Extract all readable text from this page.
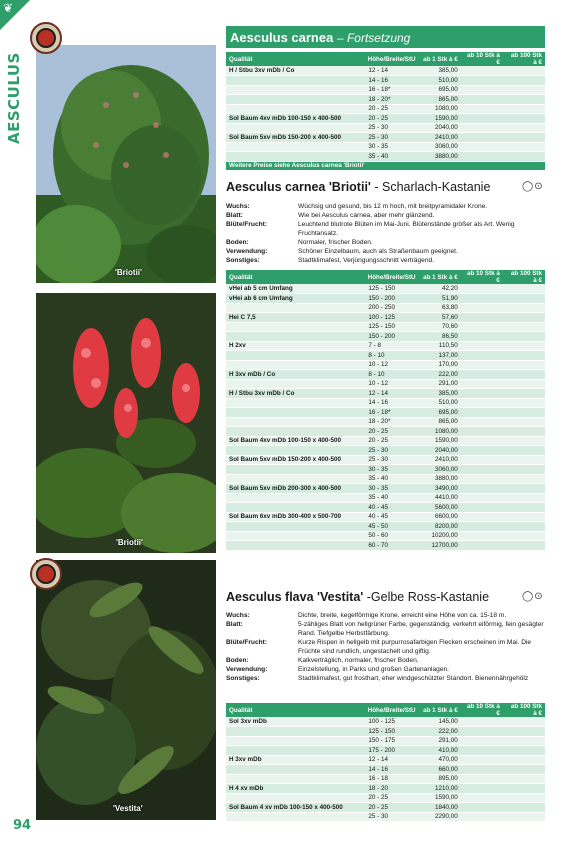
❦
AESCULUS
'Briotii'
'Briotii'
'Vestita'
94
Aesculus carnea – Fortsetzung
Qualität	Höhe/Breite/StU	ab 1 Stk à €	ab 10 Stk à €	ab 100 Stk à €
H / Stbu 3xv mDb / Co	12 - 14	385,00		
	14 - 16	510,00		
	16 - 18*	695,00		
	18 - 20*	865,00		
	20 - 25	1080,00		
Sol Baum 4xv mDb 100-150 x 400-500	20 - 25	1590,00		
	25 - 30	2040,00		
Sol Baum 5xv mDb 150-200 x 400-500	25 - 30	2410,00		
	30 - 35	3060,00		
	35 - 40	3880,00		
Weitere Preise siehe Aesculus carnea 'Briotii'				
Aesculus carnea 'Briotii' - Scharlach-Kastanie	◯⊙
Wuchs:	Wüchsig und gesund, bis 12 m hoch, mit breitpyramidaler Krone.
Blatt:	Wie bei Aesculus carnea, aber mehr glänzend.
Blüte/Frucht:	Leuchtend blutrote Blüten im Mai-Juni. Blütenstände größer als Art. Wenig Fruchtansatz.
Boden:	Normaler, frischer Boden.
Verwendung:	Schöner Einzelbaum, auch als Straßenbaum geeignet.
Sonstiges:	Stadtklimafest, Verjüngungsschnitt verträgend.
Qualität	Höhe/Breite/StU	ab 1 Stk à €	ab 10 Stk à €	ab 100 Stk à €
vHei ab 5 cm Umfang	125 - 150	42,20		
vHei ab 6 cm Umfang	150 - 200	51,90		
	200 - 250	63,80		
Hei C 7,5	100 - 125	57,60		
	125 - 150	70,60		
	150 - 200	86,50		
H 2xv	7 - 8	110,50		
	8 - 10	137,00		
	10 - 12	170,00		
H 3xv mDb / Co	8 - 10	222,00		
	10 - 12	291,00		
H / Stbu 3xv mDb / Co	12 - 14	385,00		
	14 - 16	510,00		
	16 - 18*	695,00		
	18 - 20*	865,00		
	20 - 25	1080,00		
Sol Baum 4xv mDb 100-150 x 400-500	20 - 25	1590,00		
	25 - 30	2040,00		
Sol Baum 5xv mDb 150-200 x 400-500	25 - 30	2410,00		
	30 - 35	3060,00		
	35 - 40	3880,00		
Sol Baum 5xv mDb 200-300 x 400-500	30 - 35	3490,00		
	35 - 40	4410,00		
	40 - 45	5600,00		
Sol Baum 6xv mDb 300-400 x 500-700	40 - 45	6600,00		
	45 - 50	8200,00		
	50 - 60	10200,00		
	60 - 70	12700,00		
Aesculus flava 'Vestita' -Gelbe Ross-Kastanie	◯⊙
Wuchs:	Dichte, breite, kegelförmige Krone, erreicht eine Höhe von ca. 15-18 m.
Blatt:	5-zähliges Blatt von hellgrüner Farbe, gegenständig, verkehrt eiförmig, fein gesägter Rand. Tiefgelbe Herbstfärbung.
Blüte/Frucht:	Kurze Rispen in hellgelb mit purpurrosafarbigen Flecken erscheinen im Mai. Die Früchte sind rundlich, ungestachelt und giftig.
Boden:	Kalkverträglich, normaler, frischer Boden.
Verwendung:	Einzelstellung, in Parks und großen Gartenanlagen.
Sonstiges:	Stadtklimafest, gut frosthart, eher windgeschützter Standort. Bienennährgehölz
Qualität	Höhe/Breite/StU	ab 1 Stk à €	ab 10 Stk à €	ab 100 Stk à €
Sol 3xv mDb	100 - 125	145,00		
	125 - 150	222,00		
	150 - 175	291,00		
	175 - 200	410,00		
H 3xv mDb	12 - 14	470,00		
	14 - 16	660,00		
	16 - 18	895,00		
H 4 xv mDb	18 - 20	1210,00		
	20 - 25	1590,00		
Sol Baum 4 xv mDb 100-150 x 400-500	20 - 25	1840,00		
	25 - 30	2290,00		
